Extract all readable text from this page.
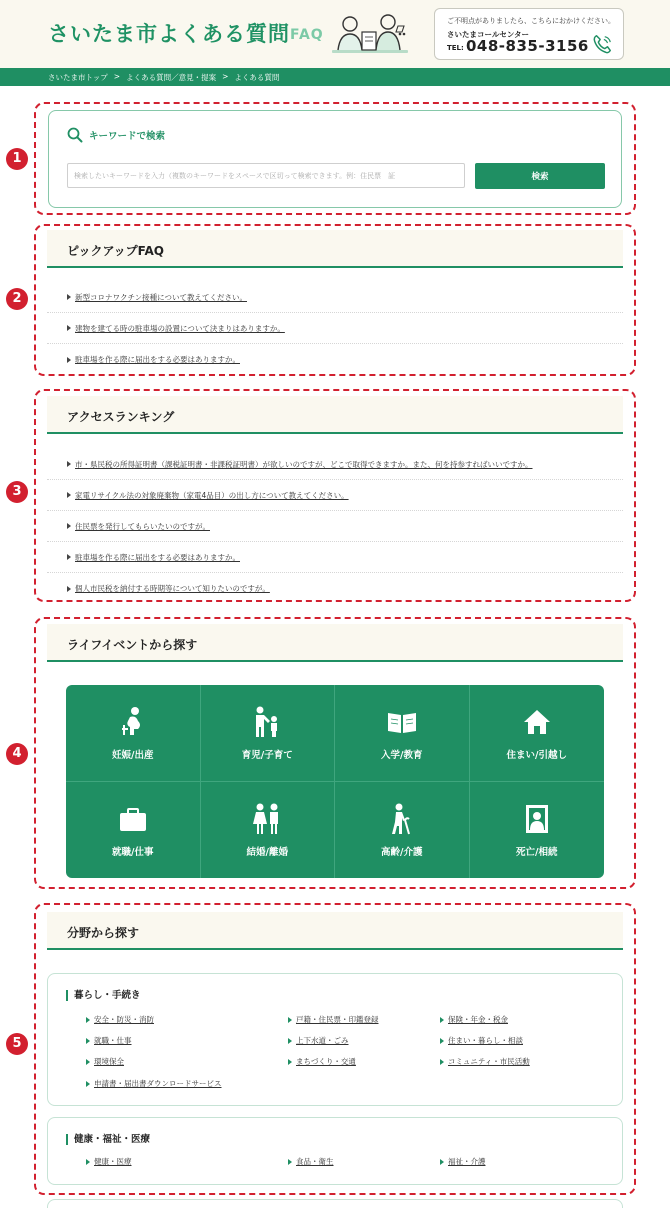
さいたま市よくある質問 FAQ
ご不明点がありましたら、こちらにおかけください。
さいたまコールセンター
TEL: 048-835-3156
さいたま市トップ > よくある質問／意見・提案 > よくある質問
1
キーワードで検索
検索したいキーワードを入力（複数のキーワードをスペースで区切って検索できます。例：住民票　証
検索
2
ピックアップFAQ
新型コロナワクチン接種について教えてください。
建物を建てる時の駐車場の設置について決まりはありますか。
駐車場を作る際に届出をする必要はありますか。
3
アクセスランキング
市・県民税の所得証明書（課税証明書・非課税証明書）が欲しいのですが、どこで取得できますか。また、何を持参すればいいですか。
家電リサイクル法の対象廃棄物（家電4品目）の出し方について教えてください。
住民票を発行してもらいたいのですが。
駐車場を作る際に届出をする必要はありますか。
個人市民税を納付する時期等について知りたいのですが。
4
ライフイベントから探す
妊娠/出産	育児/子育て	入学/教育	住まい/引越し
就職/仕事	結婚/離婚	高齢/介護	死亡/相続
5
分野から探す
暮らし・手続き
安全・防災・消防	戸籍・住民票・印鑑登録	保険・年金・税金
就職・仕事	上下水道・ごみ	住まい・暮らし・相談
環境保全	まちづくり・交通	コミュニティ・市民活動
申請書・届出書ダウンロードサービス
健康・福祉・医療
健康・医療	食品・衛生	福祉・介護
